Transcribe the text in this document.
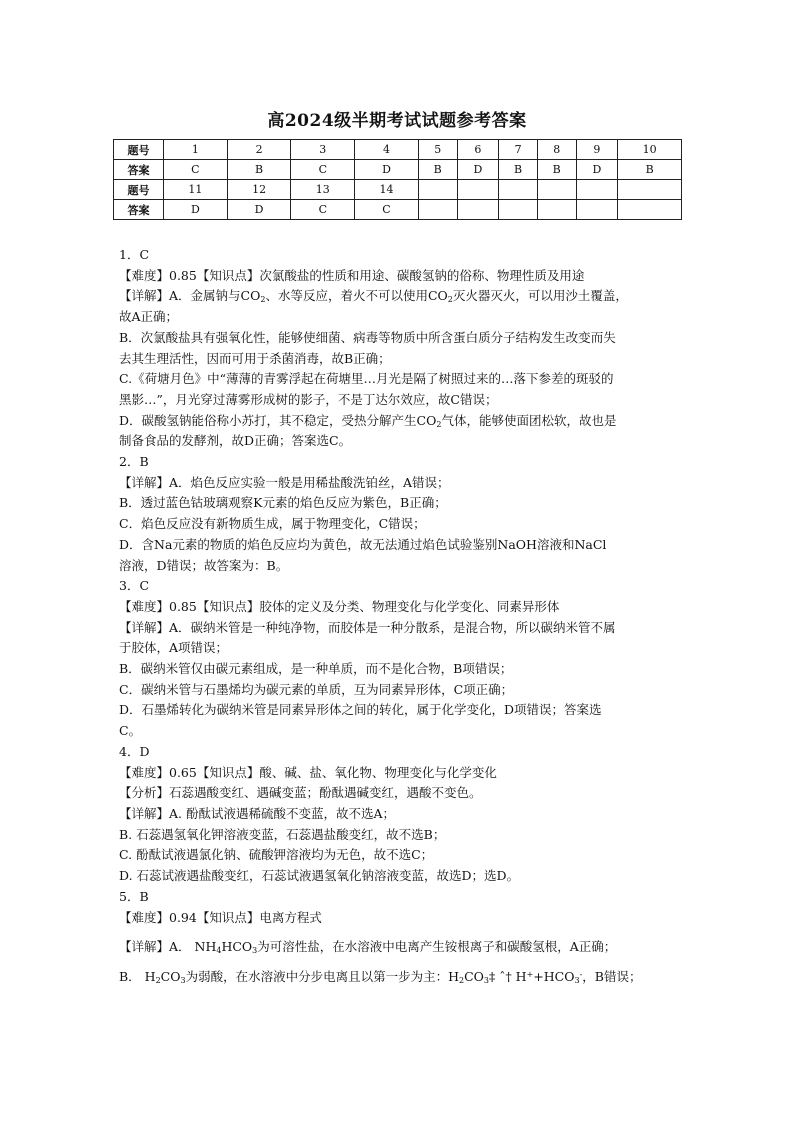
高2024级半期考试试题参考答案
题号	1	2	3	4	5	6	7	8	9	10
答案	C	B	C	D	B	D	B	B	D	B
题号	11	12	13	14						
答案	D	D	C	C						

1．C

【难度】0.85【知识点】次氯酸盐的性质和用途、碳酸氢钠的俗称、物理性质及用途

【详解】A．金属钠与$CO_2$、水等反应，着火不可以使用$CO_2$灭火器灭火，可以用沙土覆盖，

故A正确；

B．次氯酸盐具有强氧化性，能够使细菌、病毒等物质中所含蛋白质分子结构发生改变而失

去其生理活性，因而可用于杀菌消毒，故B正确；

C.《荷塘月色》中“薄薄的青雾浮起在荷塘里…月光是隔了树照过来的…落下参差的斑驳的

黑影…”，月光穿过薄雾形成树的影子，不是丁达尔效应，故C错误；

D．碳酸氢钠能俗称小苏打，其不稳定，受热分解产生$CO_2$气体，能够使面团松软，故也是

制备食品的发酵剂，故D正确；答案选C。

2．B

【详解】A．焰色反应实验一般是用稀盐酸洗铂丝，A错误；

B．透过蓝色钴玻璃观察K元素的焰色反应为紫色，B正确；

C．焰色反应没有新物质生成，属于物理变化，C错误；

D．含Na元素的物质的焰色反应均为黄色，故无法通过焰色试验鉴别NaOH溶液和NaCl

溶液，D错误；故答案为：B。

3．C

【难度】0.85【知识点】胶体的定义及分类、物理变化与化学变化、同素异形体

【详解】A．碳纳米管是一种纯净物，而胶体是一种分散系，是混合物，所以碳纳米管不属

于胶体，A项错误；

B．碳纳米管仅由碳元素组成，是一种单质，而不是化合物，B项错误；

C．碳纳米管与石墨烯均为碳元素的单质，互为同素异形体，C项正确；

D．石墨烯转化为碳纳米管是同素异形体之间的转化，属于化学变化，D项错误；答案选

C。

4．D

【难度】0.65【知识点】酸、碱、盐、氧化物、物理变化与化学变化

【分析】石蕊遇酸变红、遇碱变蓝；酚酞遇碱变红，遇酸不变色。

【详解】A. 酚酞试液遇稀硫酸不变蓝，故不选A；

B. 石蕊遇氢氧化钾溶液变蓝，石蕊遇盐酸变红，故不选B；

C. 酚酞试液遇氯化钠、硫酸钾溶液均为无色，故不选C；

D. 石蕊试液遇盐酸变红，石蕊试液遇氢氧化钠溶液变蓝，故选D；选D。

5．B

【难度】0.94【知识点】电离方程式

【详解】A． $NH_4HCO_3$为可溶性盐，在水溶液中电离产生铵根离子和碳酸氢根，A正确；

B． $H_2CO_3$为弱酸，在水溶液中分步电离且以第一步为主：$H_2CO_3\ddagger$ ˆ† $H^++HCO_3^-$，B错误；
